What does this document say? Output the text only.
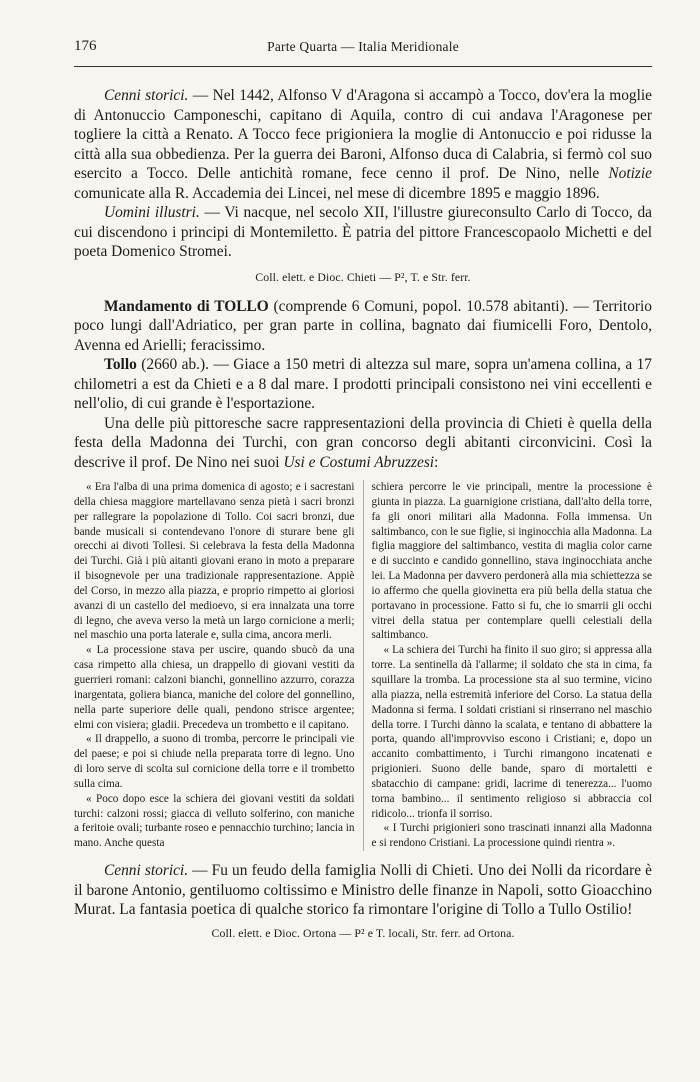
176	Parte Quarta — Italia Meridionale

Cenni storici. — Nel 1442, Alfonso V d'Aragona si accampò a Tocco, dov'era la moglie di Antonuccio Camponeschi, capitano di Aquila, contro di cui andava l'Aragonese per togliere la città a Renato. A Tocco fece prigioniera la moglie di Antonuccio e poi ridusse la città alla sua obbedienza. Per la guerra dei Baroni, Alfonso duca di Calabria, si fermò col suo esercito a Tocco. Delle antichità romane, fece cenno il prof. De Nino, nelle Notizie comunicate alla R. Accademia dei Lincei, nel mese di dicembre 1895 e maggio 1896.

Uomini illustri. — Vi nacque, nel secolo XII, l'illustre giureconsulto Carlo di Tocco, da cui discendono i principi di Montemiletto. È patria del pittore Francescopaolo Michetti e del poeta Domenico Stromei.

Coll. elett. e Dioc. Chieti — P², T. e Str. ferr.

Mandamento di TOLLO (comprende 6 Comuni, popol. 10.578 abitanti). — Territorio poco lungi dall'Adriatico, per gran parte in collina, bagnato dai fiumicelli Foro, Dentolo, Avenna ed Arielli; feracissimo.

Tollo (2660 ab.). — Giace a 150 metri di altezza sul mare, sopra un'amena collina, a 17 chilometri a est da Chieti e a 8 dal mare. I prodotti principali consistono nei vini eccellenti e nell'olio, di cui grande è l'esportazione.

Una delle più pittoresche sacre rappresentazioni della provincia di Chieti è quella della festa della Madonna dei Turchi, con gran concorso degli abitanti circonvicini. Così la descrive il prof. De Nino nei suoi Usi e Costumi Abruzzesi:

« Era l'alba di una prima domenica di agosto; e i sacrestani della chiesa maggiore martellavano senza pietà i sacri bronzi per rallegrare la popolazione di Tollo. Coi sacri bronzi, due bande musicali si contendevano l'onore di sturare bene gli orecchi ai divoti Tollesi. Si celebrava la festa della Madonna dei Turchi. Già i più aitanti giovani erano in moto a preparare il bisognevole per una tradizionale rappresentazione. Appiè del Corso, in mezzo alla piazza, e proprio rimpetto ai gloriosi avanzi di un castello del medioevo, si era innalzata una torre di legno, che aveva verso la metà un largo cornicione a merli; nel maschio una porta laterale e, sulla cima, ancora merli.

« La processione stava per uscire, quando sbucò da una casa rimpetto alla chiesa, un drappello di giovani vestiti da guerrieri romani: calzoni bianchi, gonnellino azzurro, corazza inargentata, goliera bianca, maniche del colore del gonnellino, nella parte superiore delle quali, pendono strisce argentee; elmi con visiera; gladii. Precedeva un trombetto e il capitano.

« Il drappello, a suono di tromba, percorre le principali vie del paese; e poi si chiude nella preparata torre di legno. Uno di loro serve di scolta sul cornicione della torre e il trombetto sulla cima.

« Poco dopo esce la schiera dei giovani vestiti da soldati turchi: calzoni rossi; giacca di velluto solferino, con maniche a feritoie ovali; turbante roseo e pennacchio turchino; lancia in mano. Anche questa

schiera percorre le vie principali, mentre la processione è giunta in piazza. La guarnigione cristiana, dall'alto della torre, fa gli onori militari alla Madonna. Folla immensa. Un saltimbanco, con le sue figlie, si inginocchia alla Madonna. La figlia maggiore del saltimbanco, vestita di maglia color carne e di succinto e candido gonnellino, stava inginocchiata anche lei. La Madonna per davvero perdonerà alla mia schiettezza se io affermo che quella giovinetta era più bella della statua che portavano in processione. Fatto si fu, che io smarrii gli occhi vitrei della statua per contemplare quelli celestiali della saltimbanco.

« La schiera dei Turchi ha finito il suo giro; si appressa alla torre. La sentinella dà l'allarme; il soldato che sta in cima, fa squillare la tromba. La processione sta al suo termine, vicino alla piazza, nella estremità inferiore del Corso. La statua della Madonna si ferma. I soldati cristiani si rinserrano nel maschio della torre. I Turchi dànno la scalata, e tentano di abbattere la porta, quando all'improvviso escono i Cristiani; e, dopo un accanito combattimento, i Turchi rimangono incatenati e prigionieri. Suono delle bande, sparo di mortaletti e sbatacchio di campane: gridi, lacrime di tenerezza... l'uomo torna bambino... il sentimento religioso si abbraccia col ridicolo... trionfa il sorriso.

« I Turchi prigionieri sono trascinati innanzi alla Madonna e si rendono Cristiani. La processione quindi rientra ».

Cenni storici. — Fu un feudo della famiglia Nolli di Chieti. Uno dei Nolli da ricordare è il barone Antonio, gentiluomo coltissimo e Ministro delle finanze in Napoli, sotto Gioacchino Murat. La fantasia poetica di qualche storico fa rimontare l'origine di Tollo a Tullo Ostilio!

Coll. elett. e Dioc. Ortona — P² e T. locali, Str. ferr. ad Ortona.
